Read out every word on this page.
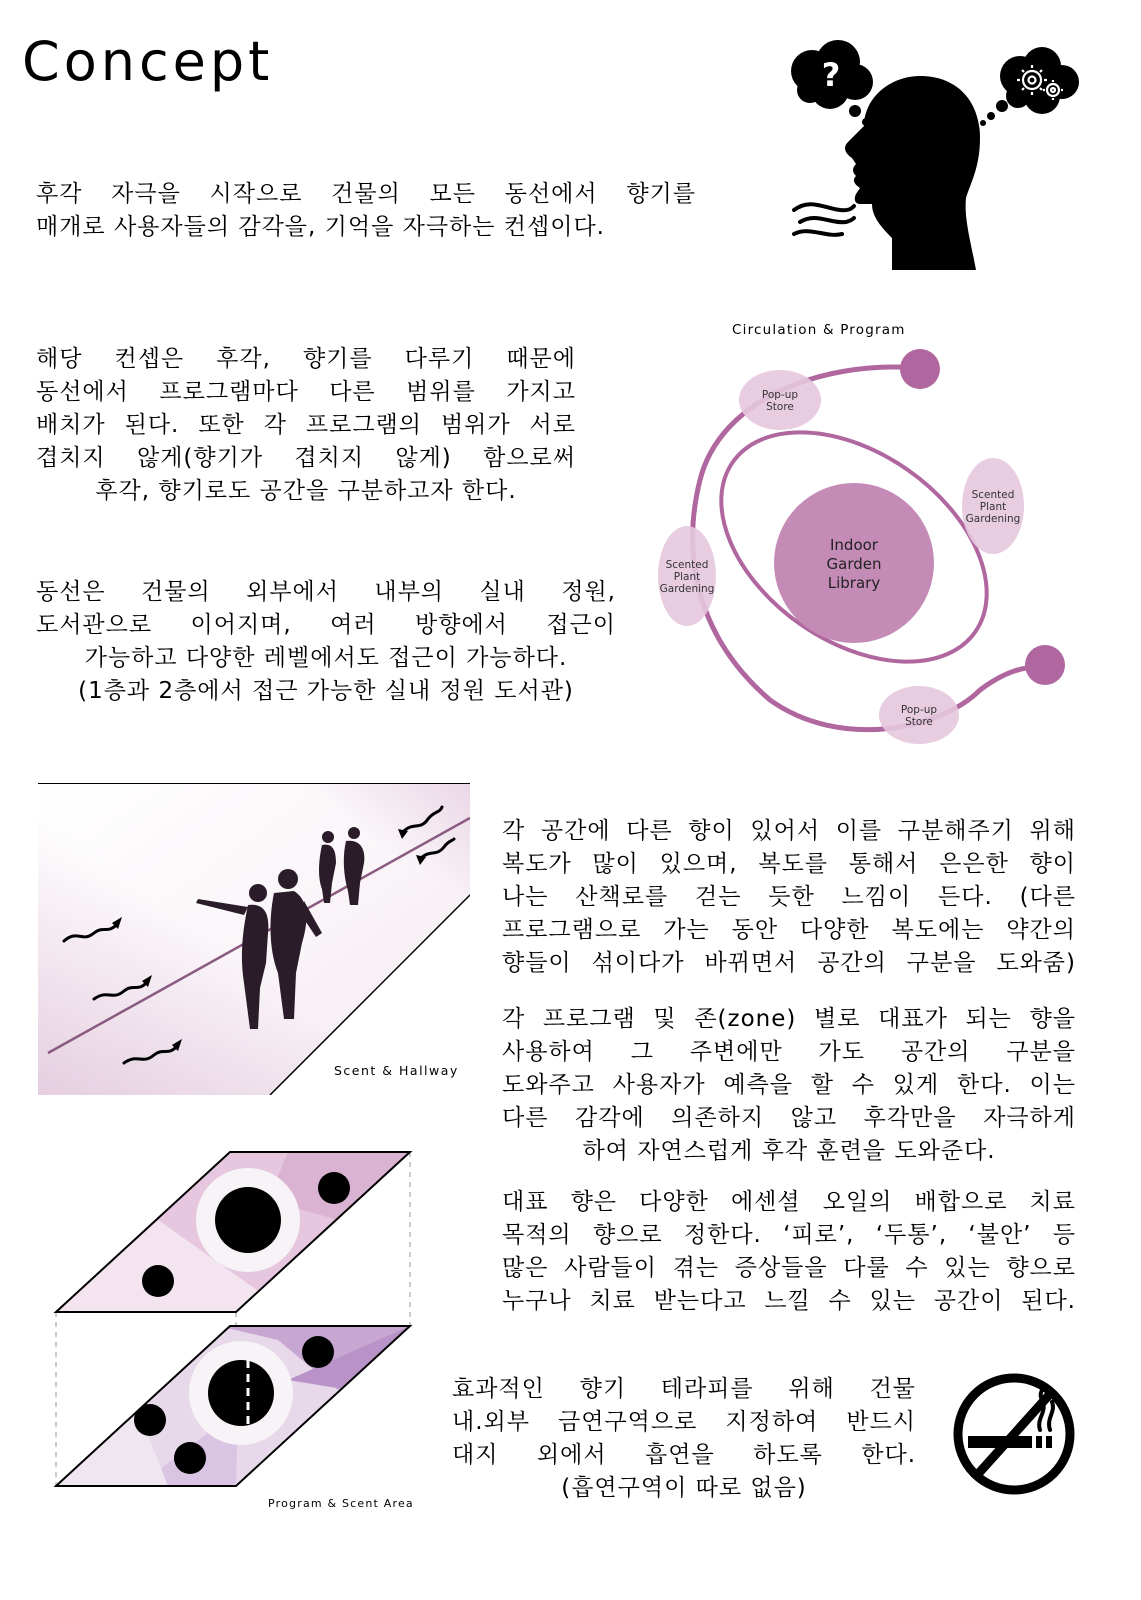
Concept	?
후각 자극을 시작으로 건물의 모든 동선에서 향기를
매개로 사용자들의 감각을, 기억을 자극하는 컨셉이다.
해당 컨셉은 후각, 향기를 다루기 때문에
동선에서 프로그램마다 다른 범위를 가지고
배치가 된다. 또한 각 프로그램의 범위가 서로
겹치지 않게(향기가 겹치지 않게) 함으로써
후각, 향기로도 공간을 구분하고자 한다.
동선은 건물의 외부에서 내부의 실내 정원,
도서관으로 이어지며, 여러 방향에서 접근이
가능하고 다양한 레벨에서도 접근이 가능하다.
(1층과 2층에서 접근 가능한 실내 정원 도서관)
Circulation & Program
Indoor
Garden
Library
Pop-up
Store
Scented
Plant
Gardening
Scented
Plant
Gardening
Pop-up
Store
Scent & Hallway
각 공간에 다른 향이 있어서 이를 구분해주기 위해
복도가 많이 있으며, 복도를 통해서 은은한 향이
나는 산책로를 걷는 듯한 느낌이 든다. (다른
프로그램으로 가는 동안 다양한 복도에는 약간의
향들이 섞이다가 바뀌면서 공간의 구분을 도와줌)
각 프로그램 및 존(zone) 별로 대표가 되는 향을
사용하여 그 주변에만 가도 공간의 구분을
도와주고 사용자가 예측을 할 수 있게 한다. 이는
다른 감각에 의존하지 않고 후각만을 자극하게
하여 자연스럽게 후각 훈련을 도와준다.
대표 향은 다양한 에센셜 오일의 배합으로 치료
목적의 향으로 정한다. ‘피로’, ‘두통’, ‘불안’ 등
많은 사람들이 겪는 증상들을 다룰 수 있는 향으로
누구나 치료 받는다고 느낄 수 있는 공간이 된다.
Program & Scent Area
효과적인 향기 테라피를 위해 건물
내.외부 금연구역으로 지정하여 반드시
대지 외에서 흡연을 하도록 한다.
(흡연구역이 따로 없음)
